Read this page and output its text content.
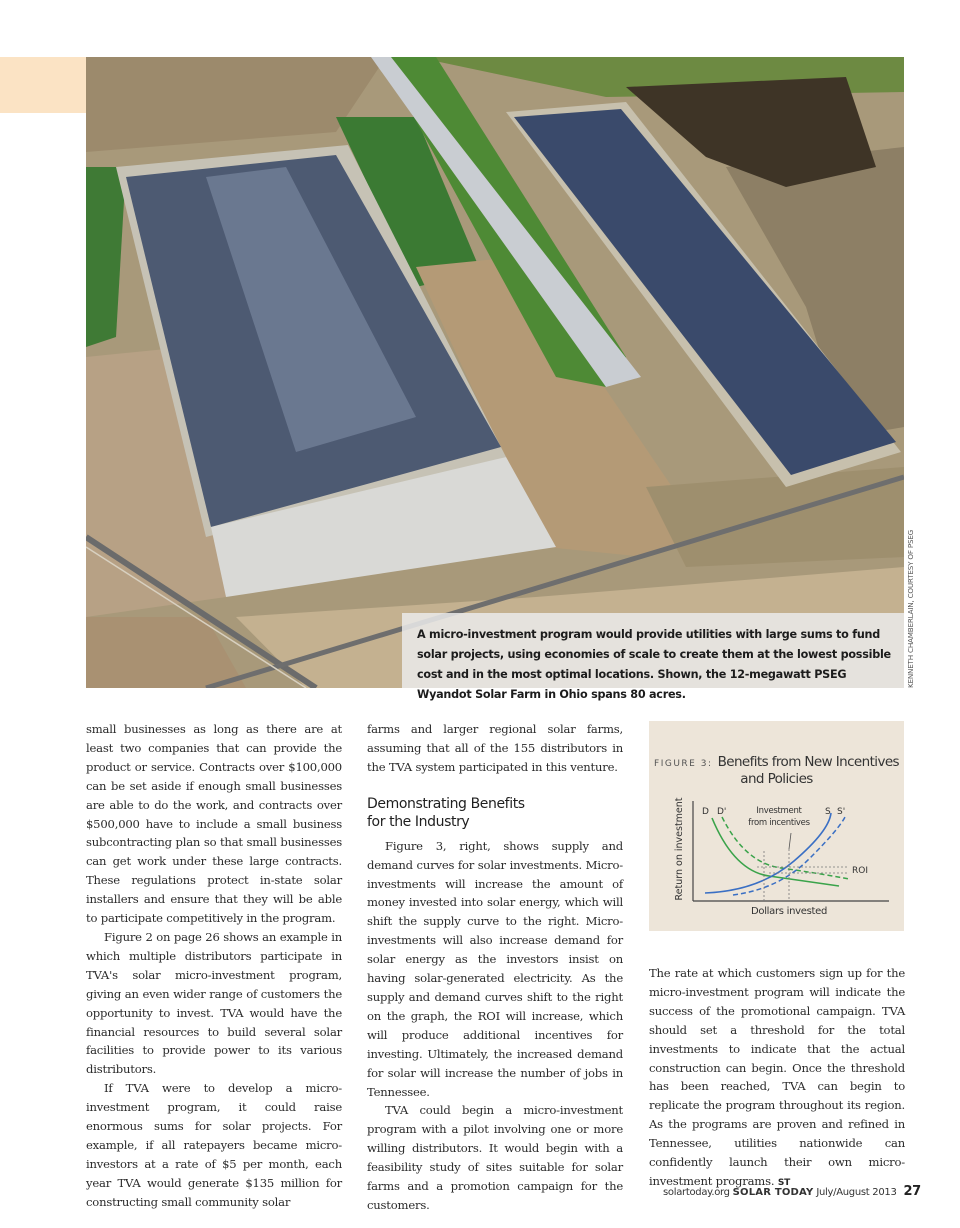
A micro-investment program would provide utilities with large sums to fund solar projects, using economies of scale to create them at the lowest possible cost and in the most optimal locations. Shown, the 12-megawatt PSEG Wyandot Solar Farm in Ohio spans 80 acres.
KENNETH CHAMBERLAIN, COURTESY OF PSEG

small businesses as long as there are at least two companies that can provide the product or service. Contracts over $100,000 can be set aside if enough small businesses are able to do the work, and contracts over $500,000 have to include a small business subcontracting plan so that small businesses can get work under these large contracts. These regulations protect in-state solar installers and ensure that they will be able to participate competitively in the program.

Figure 2 on page 26 shows an example in which multiple distributors participate in TVA's solar micro-investment program, giving an even wider range of customers the opportunity to invest. TVA would have the financial resources to build several solar facilities to provide power to its various distributors.

If TVA were to develop a micro-investment program, it could raise enormous sums for solar projects. For example, if all ratepayers became micro-investors at a rate of $5 per month, each year TVA would generate $135 million for constructing small community solar

farms and larger regional solar farms, assuming that all of the 155 distributors in the TVA system participated in this venture.

Demonstrating Benefits
for the Industry

Figure 3, right, shows supply and demand curves for solar investments. Micro-investments will increase the amount of money invested into solar energy, which will shift the supply curve to the right. Micro-investments will also increase demand for solar energy as the investors insist on having solar-generated electricity. As the supply and demand curves shift to the right on the graph, the ROI will increase, which will produce additional incentives for investing. Ultimately, the increased demand for solar will increase the number of jobs in Tennessee.

TVA could begin a micro-investment program with a pilot involving one or more willing distributors. It would begin with a feasibility study of sites suitable for solar farms and a promotion campaign for the customers.

FIGURE 3: Benefits from New Incentives
and Policies
Return on investment
Dollars invested
D D'	S S'
ROI
Investment
from incentives

The rate at which customers sign up for the micro-investment program will indicate the success of the promotional campaign. TVA should set a threshold for the total investments to indicate that the actual construction can begin. Once the threshold has been reached, TVA can begin to replicate the program throughout its region. As the programs are proven and refined in Tennessee, utilities nationwide can confidently launch their own micro-investment programs. ST

solartoday.org SOLAR TODAY July/August 2013 27
